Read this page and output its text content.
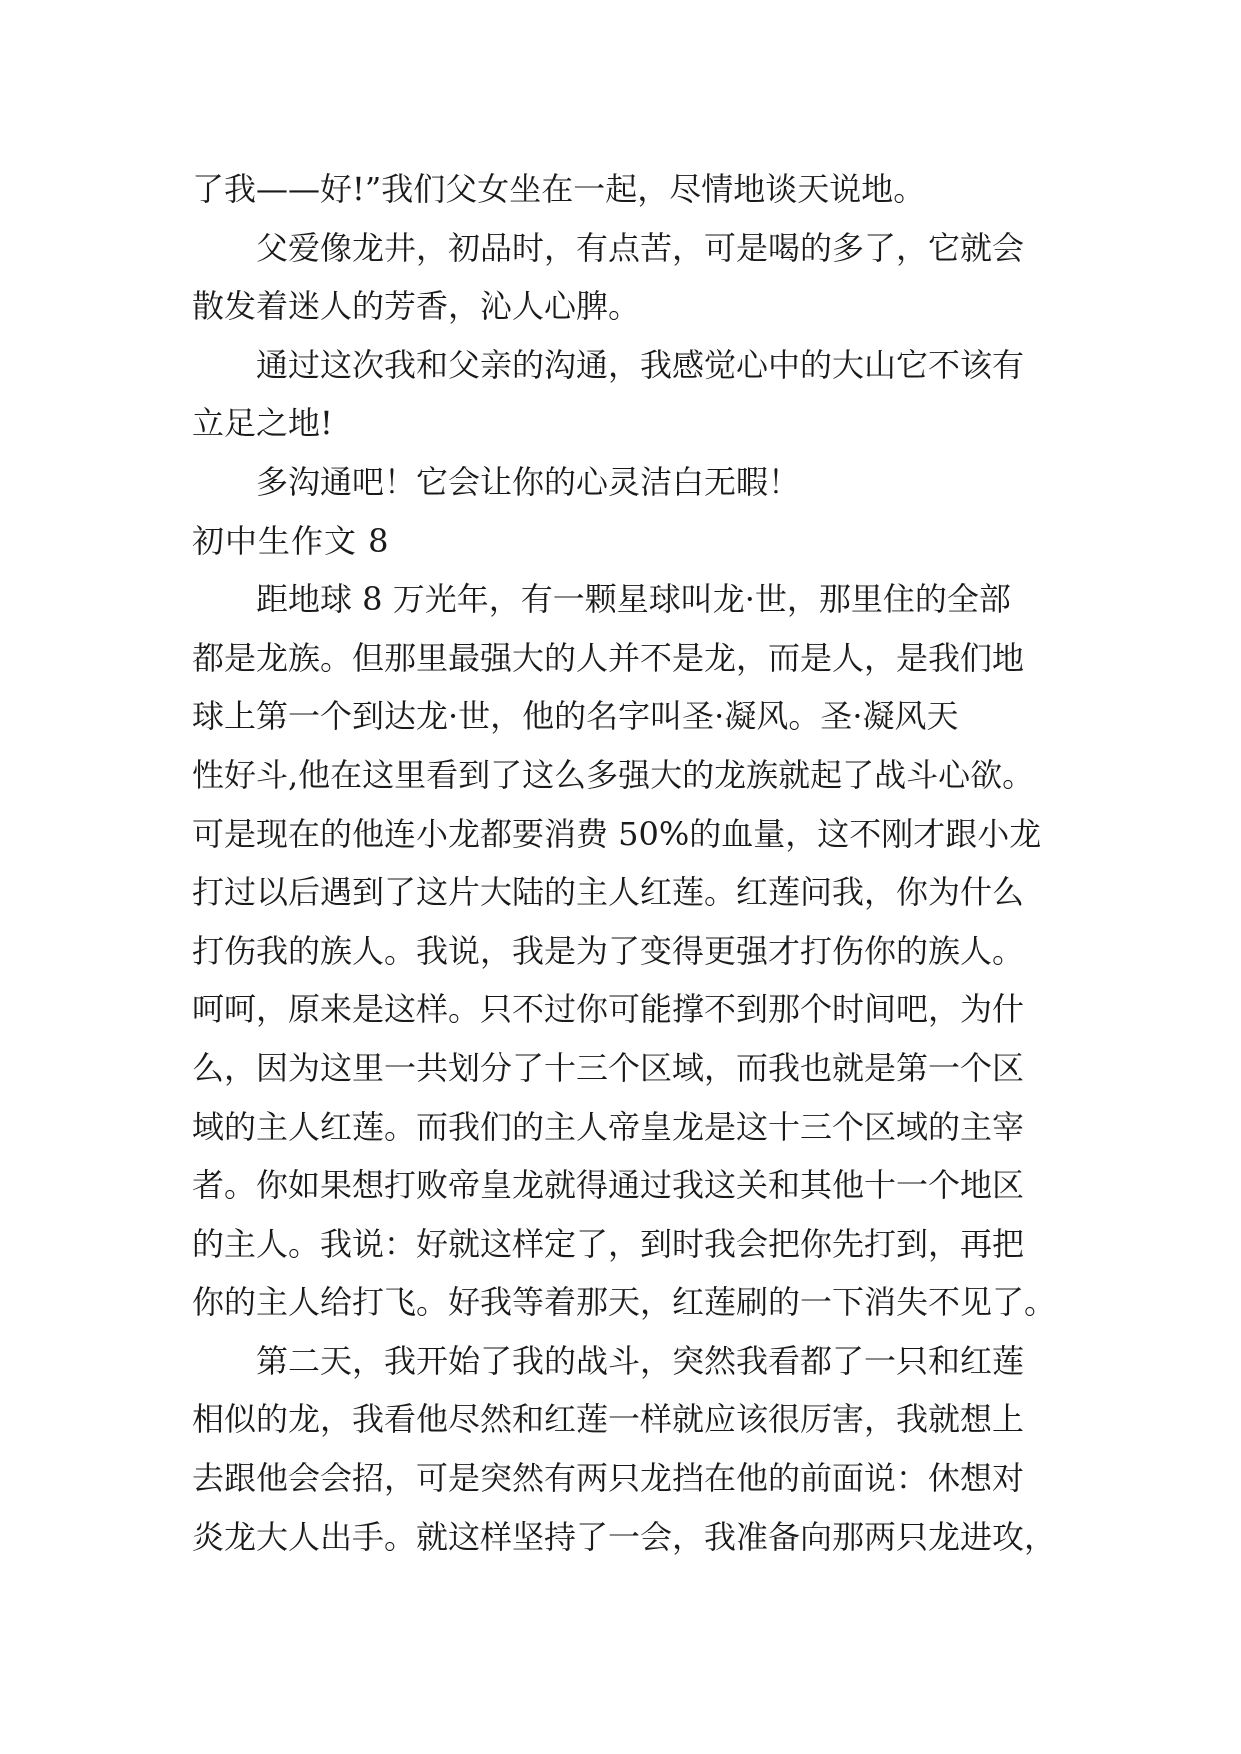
了我——好!”我们父女坐在一起，尽情地谈天说地。
父爱像龙井，初品时，有点苦，可是喝的多了，它就会
散发着迷人的芳香，沁人心脾。
通过这次我和父亲的沟通，我感觉心中的大山它不该有
立足之地!
多沟通吧！它会让你的心灵洁白无暇！
初中生作文 8
距地球 8 万光年，有一颗星球叫龙·世，那里住的全部
都是龙族。但那里最强大的人并不是龙，而是人，是我们地
球上第一个到达龙·世，他的名字叫圣·凝风。圣·凝风天
性好斗,他在这里看到了这么多强大的龙族就起了战斗心欲。
可是现在的他连小龙都要消费 50%的血量，这不刚才跟小龙
打过以后遇到了这片大陆的主人红莲。红莲问我，你为什么
打伤我的族人。我说，我是为了变得更强才打伤你的族人。
呵呵，原来是这样。只不过你可能撑不到那个时间吧，为什
么，因为这里一共划分了十三个区域，而我也就是第一个区
域的主人红莲。而我们的主人帝皇龙是这十三个区域的主宰
者。你如果想打败帝皇龙就得通过我这关和其他十一个地区
的主人。我说：好就这样定了，到时我会把你先打到，再把
你的主人给打飞。好我等着那天，红莲刷的一下消失不见了。
第二天，我开始了我的战斗，突然我看都了一只和红莲
相似的龙，我看他尽然和红莲一样就应该很厉害，我就想上
去跟他会会招，可是突然有两只龙挡在他的前面说：休想对
炎龙大人出手。就这样坚持了一会，我准备向那两只龙进攻，
